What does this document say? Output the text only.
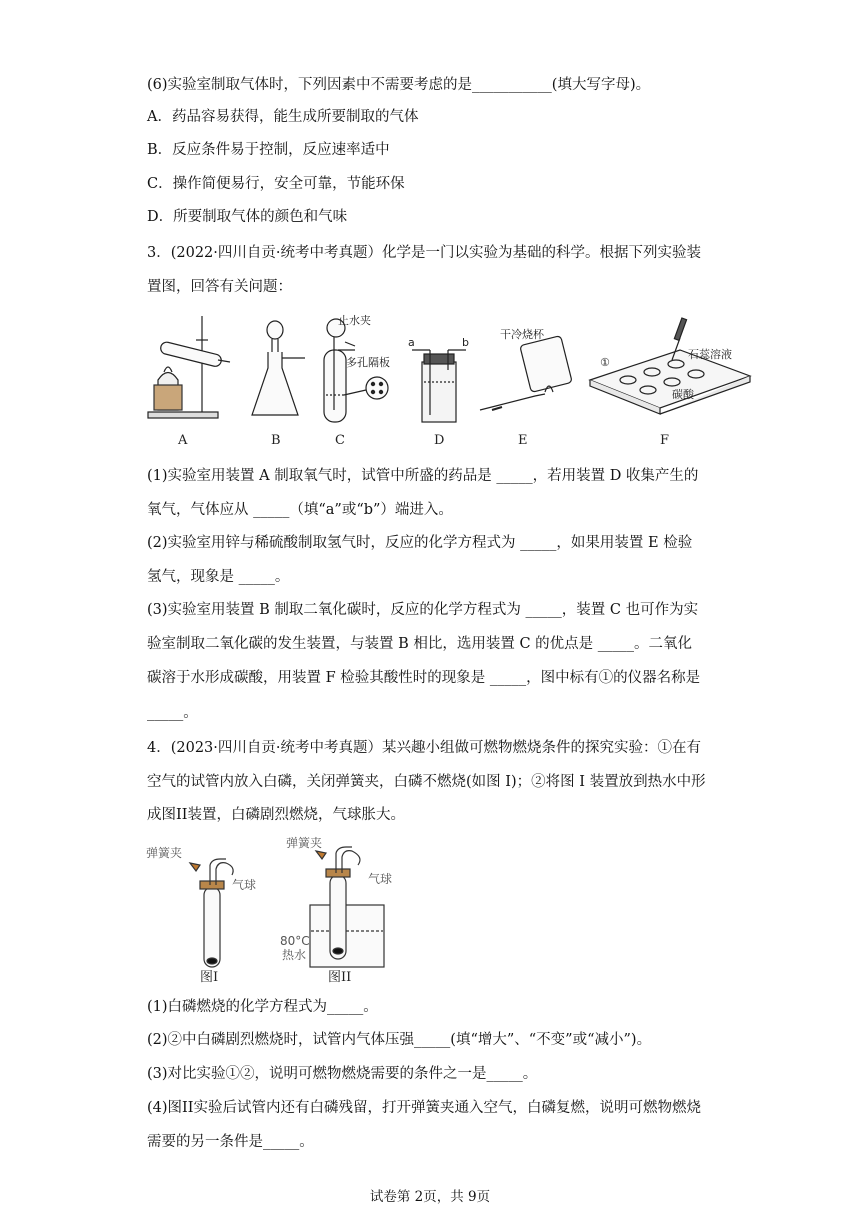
(6)实验室制取气体时，下列因素中不需要考虑的是___________(填大写字母)。
A．药品容易获得，能生成所要制取的气体
B．反应条件易于控制，反应速率适中
C．操作简便易行，安全可靠，节能环保
D．所要制取气体的颜色和气味
3．(2022·四川自贡·统考中考真题）化学是一门以实验为基础的科学。根据下列实验装
置图，回答有关问题：
止水夹
多孔隔板
a	b
干冷烧杯
①
石蕊溶液
碳酸
A	B	C	D	E	F
(1)实验室用装置 A 制取氧气时，试管中所盛的药品是 _____，若用装置 D 收集产生的
氧气，气体应从 _____（填“a”或“b”）端进入。
(2)实验室用锌与稀硫酸制取氢气时，反应的化学方程式为 _____，如果用装置 E 检验
氢气，现象是 _____。
(3)实验室用装置 B 制取二氧化碳时，反应的化学方程式为 _____，装置 C 也可作为实
验室制取二氧化碳的发生装置，与装置 B 相比，选用装置 C 的优点是 _____。二氧化
碳溶于水形成碳酸，用装置 F 检验其酸性时的现象是 _____，图中标有①的仪器名称是
_____。
4．(2023·四川自贡·统考中考真题）某兴趣小组做可燃物燃烧条件的探究实验：①在有
空气的试管内放入白磷，关闭弹簧夹，白磷不燃烧(如图 I)；②将图 I 装置放到热水中形
成图II装置，白磷剧烈燃烧，气球胀大。
弹簧夹
气球
图I
弹簧夹
气球
80°C
热水
图II
(1)白磷燃烧的化学方程式为_____。
(2)②中白磷剧烈燃烧时，试管内气体压强_____(填“增大”、“不变”或“减小”)。
(3)对比实验①②，说明可燃物燃烧需要的条件之一是_____。
(4)图II实验后试管内还有白磷残留，打开弹簧夹通入空气，白磷复燃，说明可燃物燃烧
需要的另一条件是_____。
试卷第 2页，共 9页
